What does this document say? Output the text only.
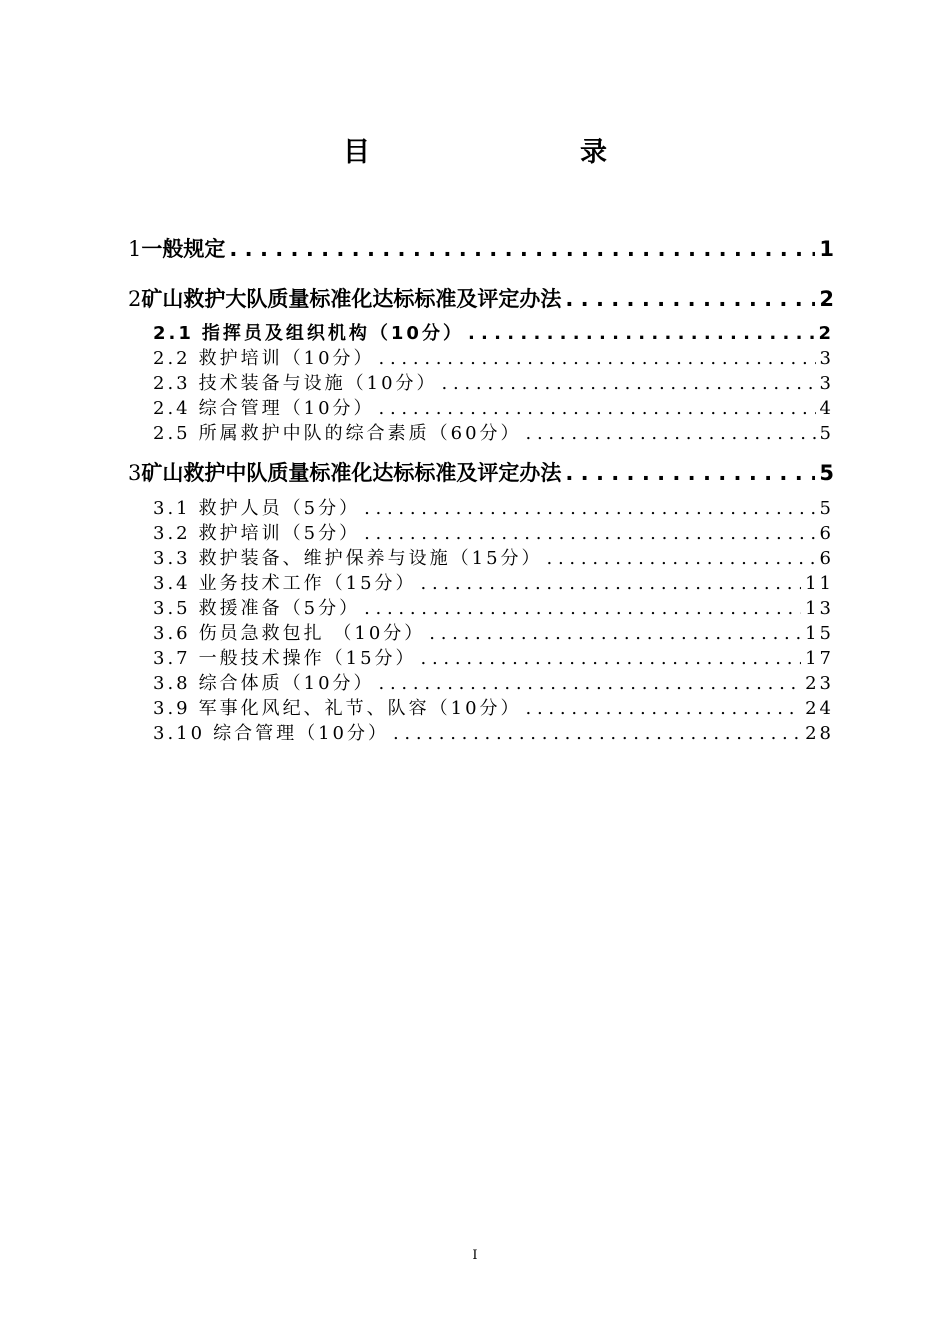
目　　录
1 一般规定 . . .	1
2 矿山救护大队质量标准化达标标准及评定办法 . . .	2
2.1 指挥员及组织机构（10分） . . .	2
2.2 救护培训（10分） . . .	3
2.3 技术装备与设施（10分） . . .	3
2.4 综合管理（10分） . . .	4
2.5 所属救护中队的综合素质（60分） . . .	5
3 矿山救护中队质量标准化达标标准及评定办法 . . .	5
3.1 救护人员（5分） . . .	5
3.2 救护培训（5分） . . .	6
3.3 救护装备、维护保养与设施（15分） . . .	6
3.4 业务技术工作（15分） . . .	11
3.5 救援准备（5分） . . .	13
3.6 伤员急救包扎 （10分） . . .	15
3.7 一般技术操作（15分） . . .	17
3.8 综合体质（10分） . . .	23
3.9 军事化风纪、礼节、队容（10分） . . .	24
3.10 综合管理（10分） . . .	28
I
